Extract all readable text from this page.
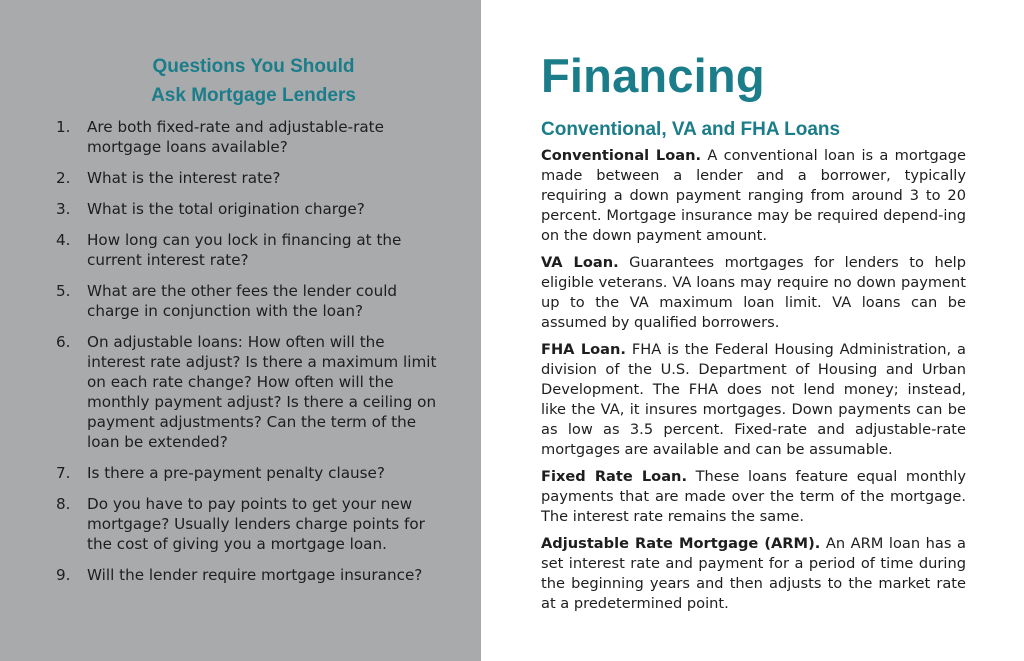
Questions You Should
Ask Mortgage Lenders
1.	Are both fixed-rate and adjustable-rate mortgage loans available?
2.	What is the interest rate?
3.	What is the total origination charge?
4.	How long can you lock in financing at the current interest rate?
5.	What are the other fees the lender could charge in conjunction with the loan?
6.	On adjustable loans: How often will the interest rate adjust? Is there a maximum limit on each rate change? How often will the monthly payment adjust? Is there a ceiling on payment adjustments? Can the term of the loan be extended?
7.	Is there a pre-payment penalty clause?
8.	Do you have to pay points to get your new mortgage? Usually lenders charge points for the cost of giving you a mortgage loan.
9.	Will the lender require mortgage insurance?
Financing
Conventional, VA and FHA Loans

Conventional Loan. A conventional loan is a mortgage made between a lender and a borrower, typically requiring a down payment ranging from around 3 to 20 percent. Mortgage insurance may be required depend-ing on the down payment amount.

VA Loan. Guarantees mortgages for lenders to help eligible veterans. VA loans may require no down payment up to the VA maximum loan limit. VA loans can be assumed by qualified borrowers.

FHA Loan. FHA is the Federal Housing Administration, a division of the U.S. Department of Housing and Urban Development. The FHA does not lend money; instead, like the VA, it insures mortgages. Down payments can be as low as 3.5 percent. Fixed-rate and adjustable-rate mortgages are available and can be assumable.

Fixed Rate Loan. These loans feature equal monthly payments that are made over the term of the mortgage. The interest rate remains the same.

Adjustable Rate Mortgage (ARM). An ARM loan has a set interest rate and payment for a period of time during the beginning years and then adjusts to the market rate at a predetermined point.
